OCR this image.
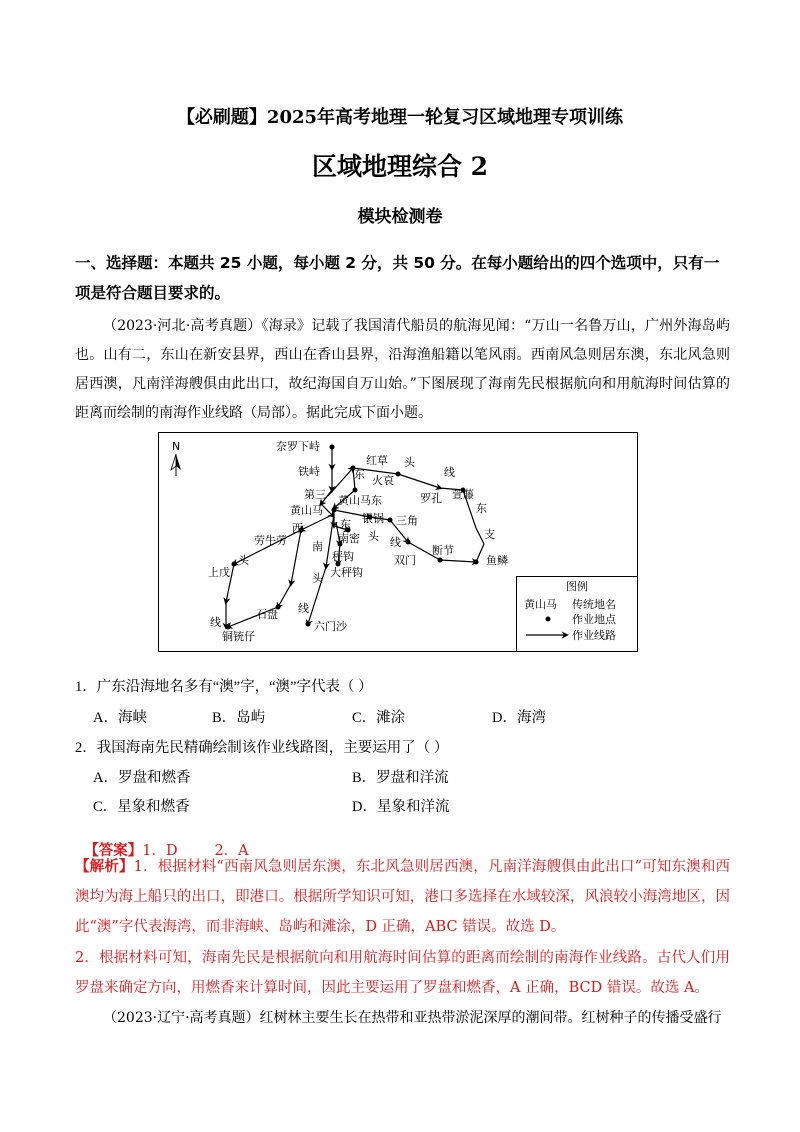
【必刷题】2025年高考地理一轮复习区域地理专项训练
区域地理综合 2
模块检测卷
一、选择题：本题共 25 小题，每小题 2 分，共 50 分。在每小题给出的四个选项中，只有一项是符合题目要求的。
（2023·河北·高考真题）《海录》记载了我国清代船员的航海见闻：“万山一名鲁万山，广州外海岛屿也。山有二，东山在新安县界，西山在香山县界，沿海渔船籍以笔风雨。西南风急则居东澳，东北风急则居西澳，凡南洋海艘俱由此出口，故纪海国自万山始。”下图展现了海南先民根据航向和用航海时间估算的距离而绘制的南海作业线路（局部）。据此完成下面小题。
N	奈罗下峙
铁峙
红草
火哀
东
头
线
萱藤
罗孔
东
支
第三 黄山马东
黄山马
银锅 三角
东
西
劳牛劳	南密 头
南	线
双门
断节
鱼鳞
头
上戊
秤钩
大秤钩
头
石盘 线
线
铜铳仔
六门沙
图例
黄山马 传统地名
作业地点
作业线路
1．广东沿海地名多有“澳”字，“澳”字代表（ ）
A．海峡	B．岛屿	C．滩涂	D．海湾
2．我国海南先民精确绘制该作业线路图，主要运用了（ ）
A．罗盘和燃香	B．罗盘和洋流
C．星象和燃香	D．星象和洋流

【答案】1．D        2．A

【解析】1．根据材料“西南风急则居东澳，东北风急则居西澳，凡南洋海艘俱由此出口”可知东澳和西澳均为海上船只的出口，即港口。根据所学知识可知，港口多选择在水域较深，风浪较小海湾地区，因此“澳”字代表海湾，而非海峡、岛屿和滩涂，D 正确，ABC 错误。故选 D。
2．根据材料可知，海南先民是根据航向和用航海时间估算的距离而绘制的南海作业线路。古代人们用罗盘来确定方向，用燃香来计算时间，因此主要运用了罗盘和燃香，A 正确，BCD 错误。故选 A。
（2023·辽宁·高考真题）红树林主要生长在热带和亚热带淤泥深厚的潮间带。红树种子的传播受盛行
